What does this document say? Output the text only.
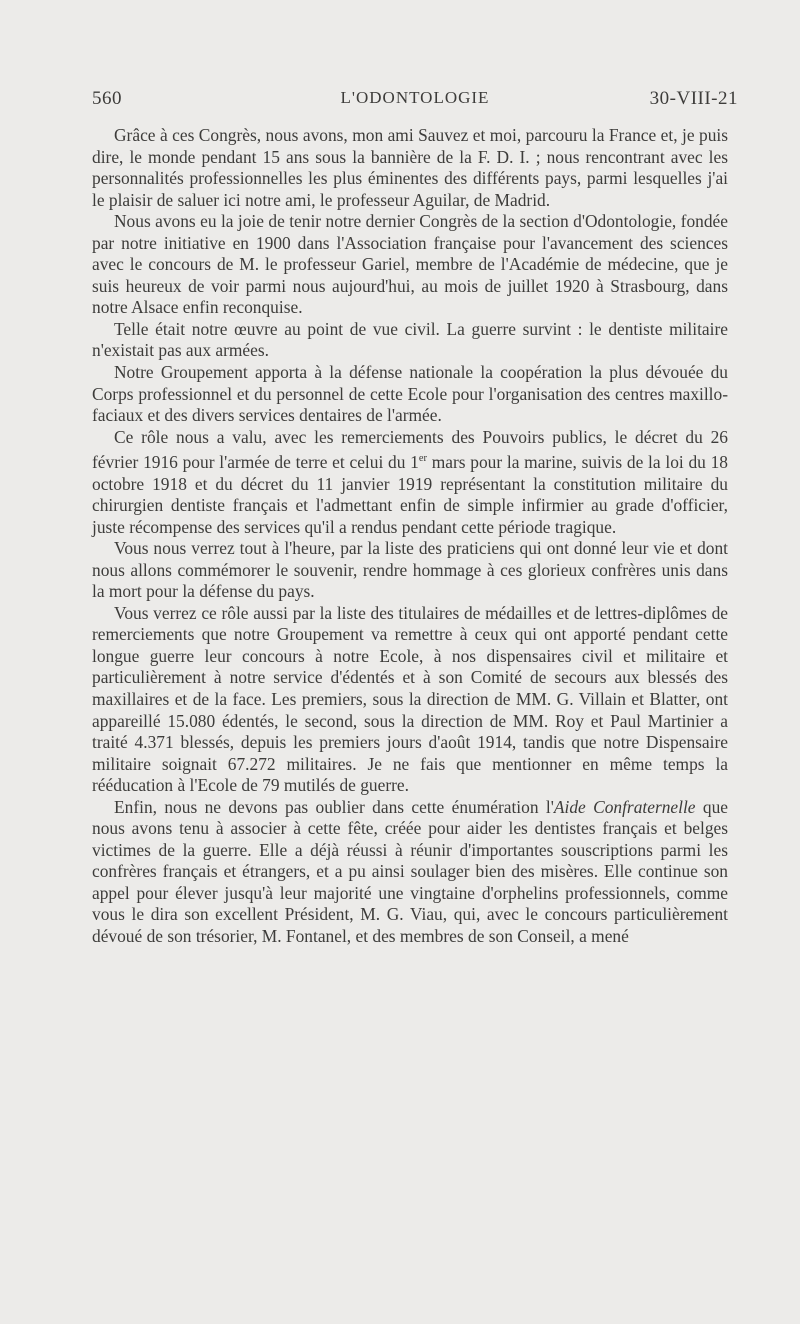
560	L'ODONTOLOGIE	30-VIII-21

Grâce à ces Congrès, nous avons, mon ami Sauvez et moi, parcouru la France et, je puis dire, le monde pendant 15 ans sous la bannière de la F. D. I. ; nous rencontrant avec les personnalités professionnelles les plus éminentes des différents pays, parmi lesquelles j'ai le plaisir de saluer ici notre ami, le professeur Aguilar, de Madrid.

Nous avons eu la joie de tenir notre dernier Congrès de la section d'Odontologie, fondée par notre initiative en 1900 dans l'Association française pour l'avancement des sciences avec le concours de M. le professeur Gariel, membre de l'Académie de médecine, que je suis heureux de voir parmi nous aujourd'hui, au mois de juillet 1920 à Strasbourg, dans notre Alsace enfin reconquise.

Telle était notre œuvre au point de vue civil. La guerre survint : le dentiste militaire n'existait pas aux armées.

Notre Groupement apporta à la défense nationale la coopération la plus dévouée du Corps professionnel et du personnel de cette Ecole pour l'organisation des centres maxillo-faciaux et des divers services dentaires de l'armée.

Ce rôle nous a valu, avec les remerciements des Pouvoirs publics, le décret du 26 février 1916 pour l'armée de terre et celui du 1er mars pour la marine, suivis de la loi du 18 octobre 1918 et du décret du 11 janvier 1919 représentant la constitution militaire du chirurgien dentiste français et l'admettant enfin de simple infirmier au grade d'officier, juste récompense des services qu'il a rendus pendant cette période tragique.

Vous nous verrez tout à l'heure, par la liste des praticiens qui ont donné leur vie et dont nous allons commémorer le souvenir, rendre hommage à ces glorieux confrères unis dans la mort pour la défense du pays.

Vous verrez ce rôle aussi par la liste des titulaires de médailles et de lettres-diplômes de remerciements que notre Groupement va remettre à ceux qui ont apporté pendant cette longue guerre leur concours à notre Ecole, à nos dispensaires civil et militaire et particulièrement à notre service d'édentés et à son Comité de secours aux blessés des maxillaires et de la face. Les premiers, sous la direction de MM. G. Villain et Blatter, ont appareillé 15.080 édentés, le second, sous la direction de MM. Roy et Paul Martinier a traité 4.371 blessés, depuis les premiers jours d'août 1914, tandis que notre Dispensaire militaire soignait 67.272 militaires. Je ne fais que mentionner en même temps la rééducation à l'Ecole de 79 mutilés de guerre.

Enfin, nous ne devons pas oublier dans cette énumération l'Aide Confraternelle que nous avons tenu à associer à cette fête, créée pour aider les dentistes français et belges victimes de la guerre. Elle a déjà réussi à réunir d'importantes souscriptions parmi les confrères français et étrangers, et a pu ainsi soulager bien des misères. Elle continue son appel pour élever jusqu'à leur majorité une vingtaine d'orphelins professionnels, comme vous le dira son excellent Président, M. G. Viau, qui, avec le concours particulièrement dévoué de son trésorier, M. Fontanel, et des membres de son Conseil, a mené
